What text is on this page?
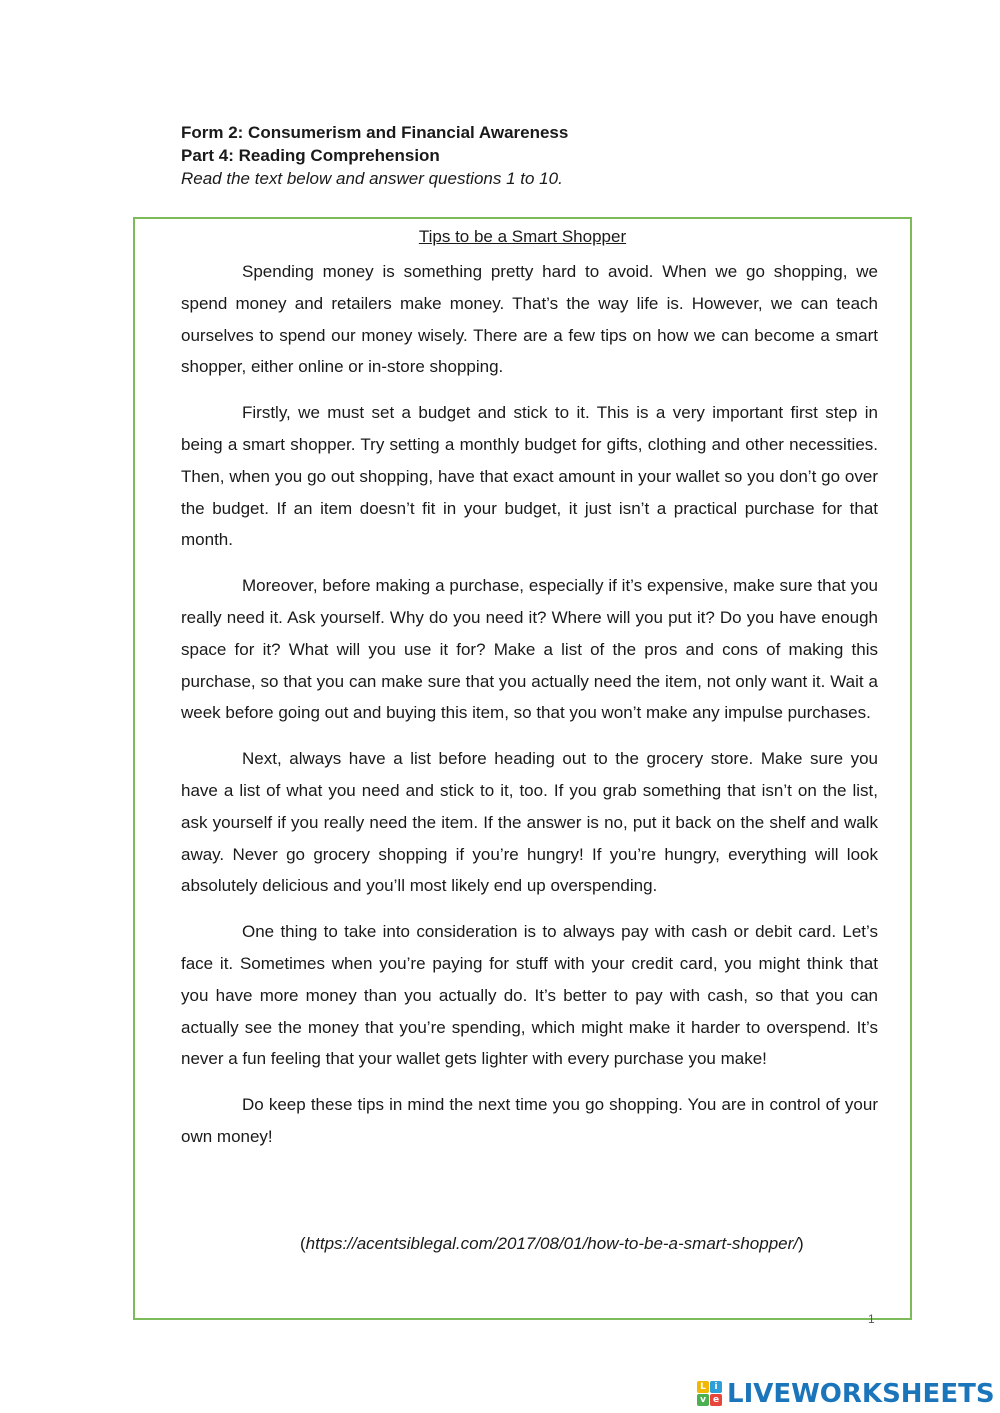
Form 2: Consumerism and Financial Awareness
Part 4: Reading Comprehension
Read the text below and answer questions 1 to 10.
Tips to be a Smart Shopper

Spending money is something pretty hard to avoid. When we go shopping, we spend money and retailers make money. That’s the way life is. However, we can teach ourselves to spend our money wisely. There are a few tips on how we can become a smart shopper, either online or in-store shopping.

Firstly, we must set a budget and stick to it. This is a very important first step in being a smart shopper. Try setting a monthly budget for gifts, clothing and other necessities. Then, when you go out shopping, have that exact amount in your wallet so you don’t go over the budget. If an item doesn’t fit in your budget, it just isn’t a practical purchase for that month.

Moreover, before making a purchase, especially if it’s expensive, make sure that you really need it. Ask yourself. Why do you need it? Where will you put it? Do you have enough space for it? What will you use it for? Make a list of the pros and cons of making this purchase, so that you can make sure that you actually need the item, not only want it. Wait a week before going out and buying this item, so that you won’t make any impulse purchases.

Next, always have a list before heading out to the grocery store. Make sure you have a list of what you need and stick to it, too. If you grab something that isn’t on the list, ask yourself if you really need the item. If the answer is no, put it back on the shelf and walk away. Never go grocery shopping if you’re hungry! If you’re hungry, everything will look absolutely delicious and you’ll most likely end up overspending.

One thing to take into consideration is to always pay with cash or debit card. Let’s face it. Sometimes when you’re paying for stuff with your credit card, you might think that you have more money than you actually do. It’s better to pay with cash, so that you can actually see the money that you’re spending, which might make it harder to overspend. It’s never a fun feeling that your wallet gets lighter with every purchase you make!

Do keep these tips in mind the next time you go shopping. You are in control of your own money!

(https://acentsiblegal.com/2017/08/01/how-to-be-a-smart-shopper/)
1
L i
v e LIVEWORKSHEETS
